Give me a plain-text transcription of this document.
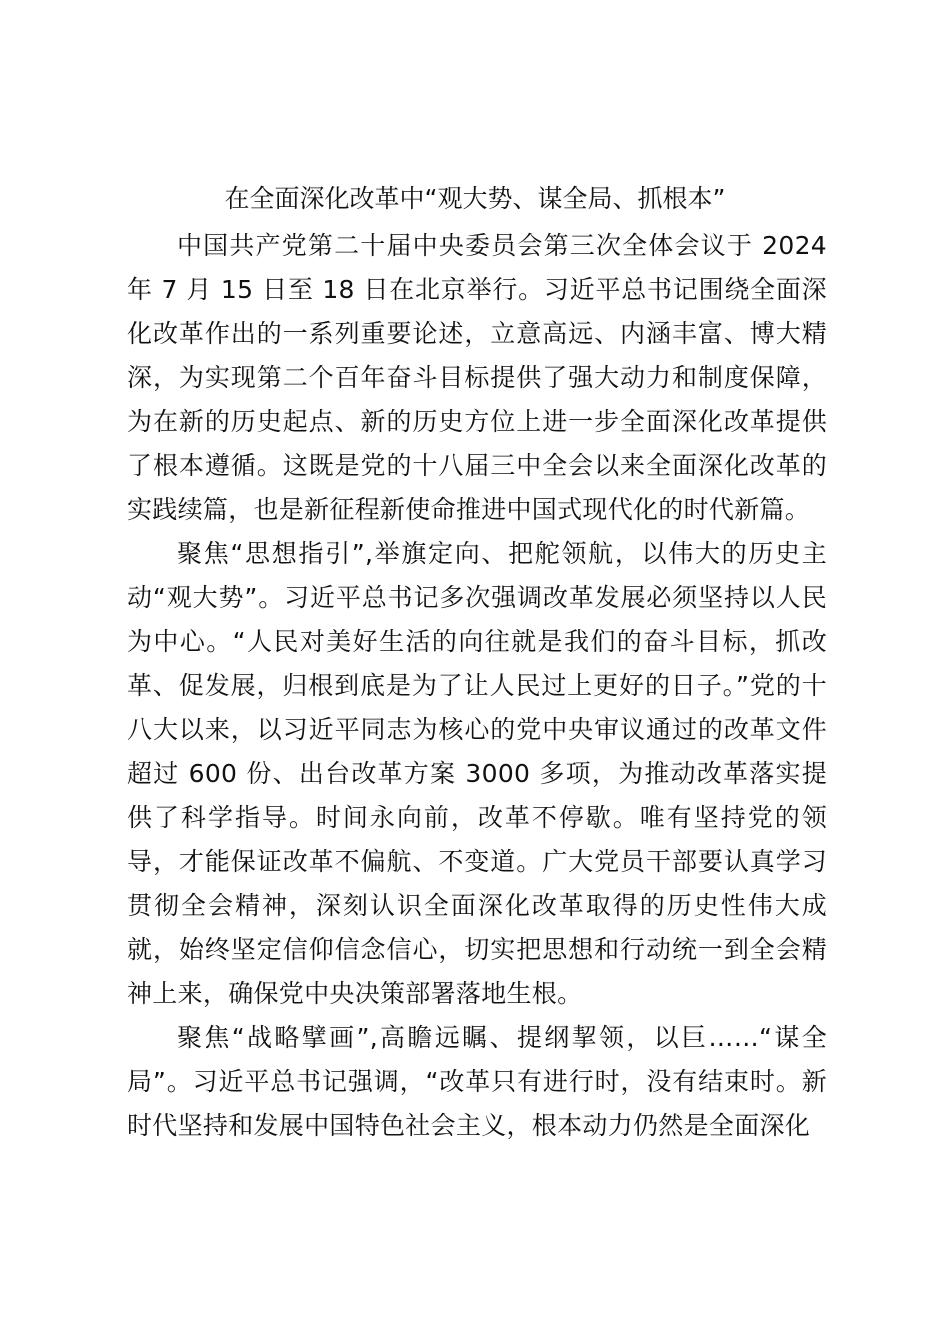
在全面深化改革中“观大势、谋全局、抓根本”

中国共产党第二十届中央委员会第三次全体会议于 2024 年 7 月 15 日至 18 日在北京举行。习近平总书记围绕全面深化改革作出的一系列重要论述，立意高远、内涵丰富、博大精深，为实现第二个百年奋斗目标提供了强大动力和制度保障，为在新的历史起点、新的历史方位上进一步全面深化改革提供了根本遵循。这既是党的十八届三中全会以来全面深化改革的实践续篇，也是新征程新使命推进中国式现代化的时代新篇。

聚焦“思想指引”,举旗定向、把舵领航，以伟大的历史主动“观大势”。习近平总书记多次强调改革发展必须坚持以人民为中心。“人民对美好生活的向往就是我们的奋斗目标，抓改革、促发展，归根到底是为了让人民过上更好的日子。”党的十八大以来，以习近平同志为核心的党中央审议通过的改革文件超过 600 份、出台改革方案 3000 多项，为推动改革落实提供了科学指导。时间永向前，改革不停歇。唯有坚持党的领导，才能保证改革不偏航、不变道。广大党员干部要认真学习贯彻全会精神，深刻认识全面深化改革取得的历史性伟大成就，始终坚定信仰信念信心，切实把思想和行动统一到全会精神上来，确保党中央决策部署落地生根。

聚焦“战略擘画”,高瞻远瞩、提纲挈领，以巨……“谋全局”。习近平总书记强调，“改革只有进行时，没有结束时。新时代坚持和发展中国特色社会主义，根本动力仍然是全面深化
